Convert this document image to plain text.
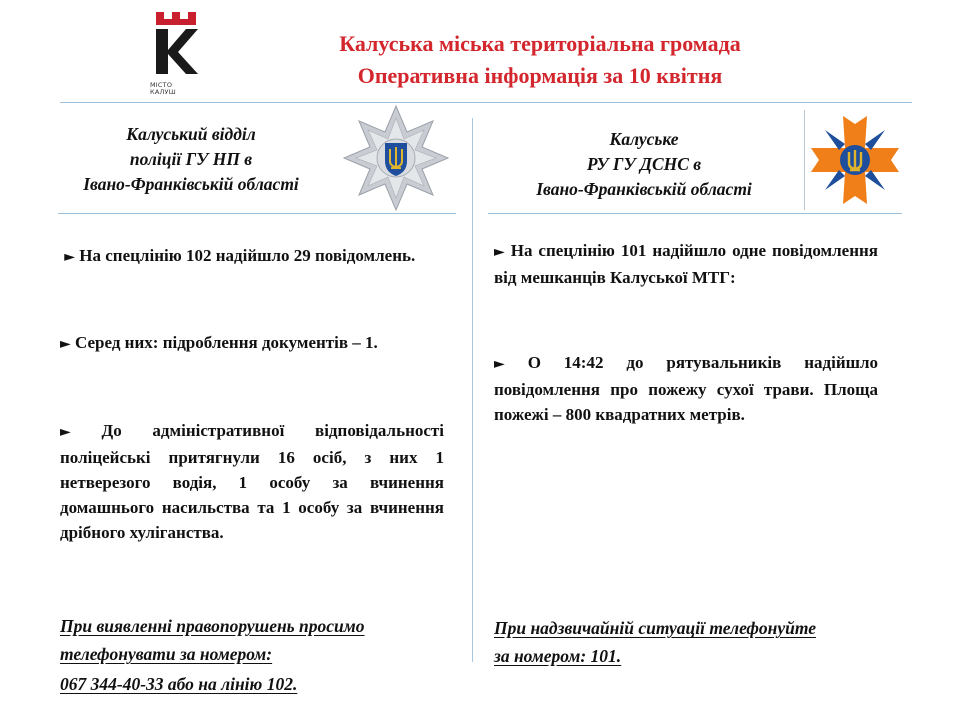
МІСТО
КАЛУШ
Калуська міська територіальна громада
Оперативна інформація за 10 квітня
Калуський відділ
поліції ГУ НП в
Івано-Франківській області
Калуське
РУ ГУ ДСНС в
Івано-Франківській області
► На спецлінію 102 надійшло 29 повідомлень.
► Серед них: підроблення документів – 1.
► До адміністративної відповідальності поліцейські притягнули 16 осіб, з них 1 нетверезого водія, 1 особу за вчинення домашнього насильства та 1 особу за вчинення дрібного хуліганства.
При виявленні правопорушень просимо
телефонувати за номером:
067 344-40-33 або на лінію 102.
► На спецлінію 101 надійшло одне повідомлення від мешканців Калуської МТГ:
► О 14:42 до рятувальників надійшло повідомлення про пожежу сухої трави. Площа пожежі – 800 квадратних метрів.
При надзвичайній ситуації телефонуйте
за номером: 101.
